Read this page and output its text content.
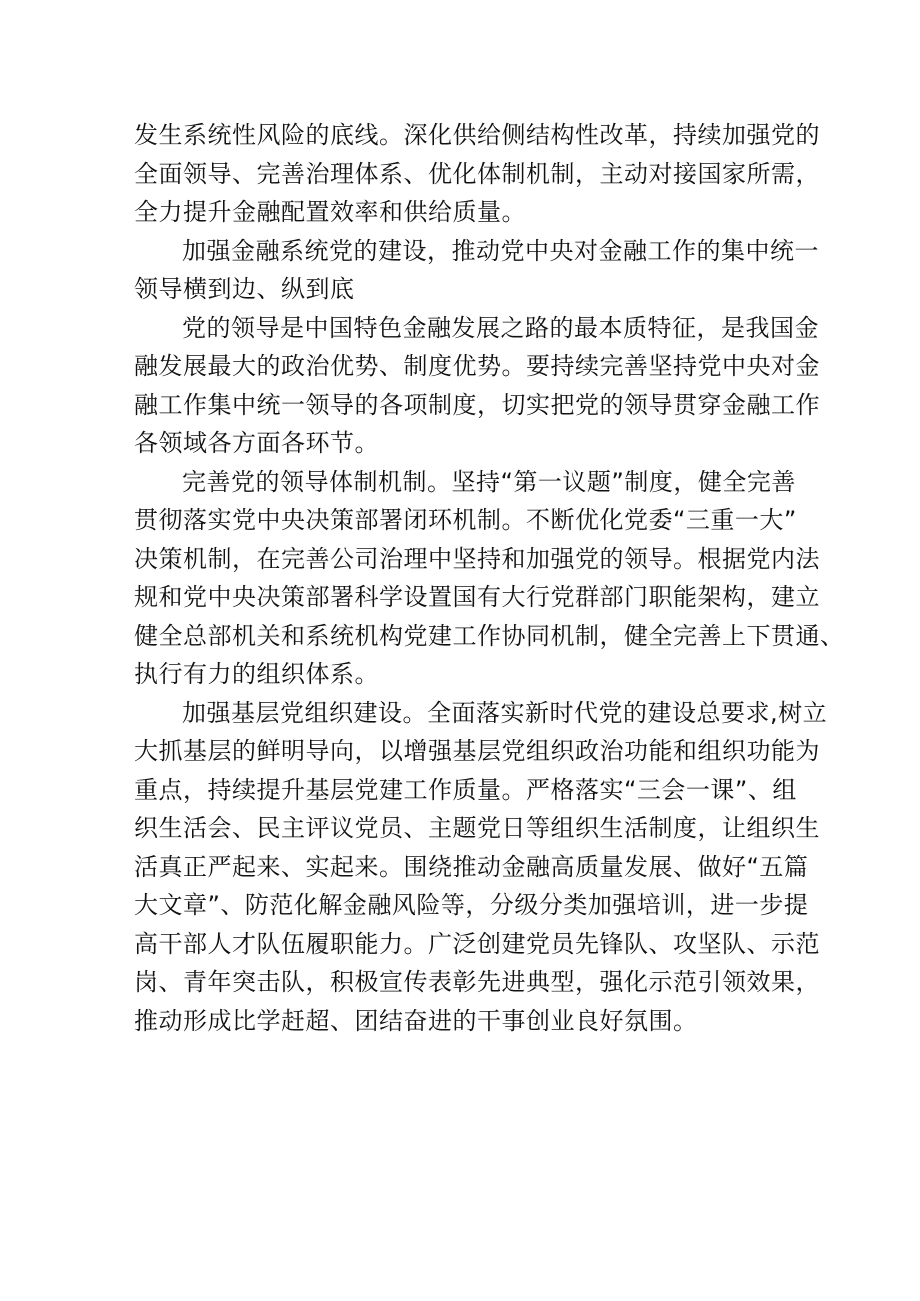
发生系统性风险的底线。深化供给侧结构性改革，持续加强党的
全面领导、完善治理体系、优化体制机制，主动对接国家所需，
全力提升金融配置效率和供给质量。
加强金融系统党的建设，推动党中央对金融工作的集中统一
领导横到边、纵到底
党的领导是中国特色金融发展之路的最本质特征，是我国金
融发展最大的政治优势、制度优势。要持续完善坚持党中央对金
融工作集中统一领导的各项制度，切实把党的领导贯穿金融工作
各领域各方面各环节。
完善党的领导体制机制。坚持“第一议题”制度，健全完善
贯彻落实党中央决策部署闭环机制。不断优化党委“三重一大”
决策机制，在完善公司治理中坚持和加强党的领导。根据党内法
规和党中央决策部署科学设置国有大行党群部门职能架构，建立
健全总部机关和系统机构党建工作协同机制，健全完善上下贯通、
执行有力的组织体系。
加强基层党组织建设。全面落实新时代党的建设总要求,树立
大抓基层的鲜明导向，以增强基层党组织政治功能和组织功能为
重点，持续提升基层党建工作质量。严格落实“三会一课”、组
织生活会、民主评议党员、主题党日等组织生活制度，让组织生
活真正严起来、实起来。围绕推动金融高质量发展、做好“五篇
大文章”、防范化解金融风险等，分级分类加强培训，进一步提
高干部人才队伍履职能力。广泛创建党员先锋队、攻坚队、示范
岗、青年突击队，积极宣传表彰先进典型，强化示范引领效果，
推动形成比学赶超、团结奋进的干事创业良好氛围。
